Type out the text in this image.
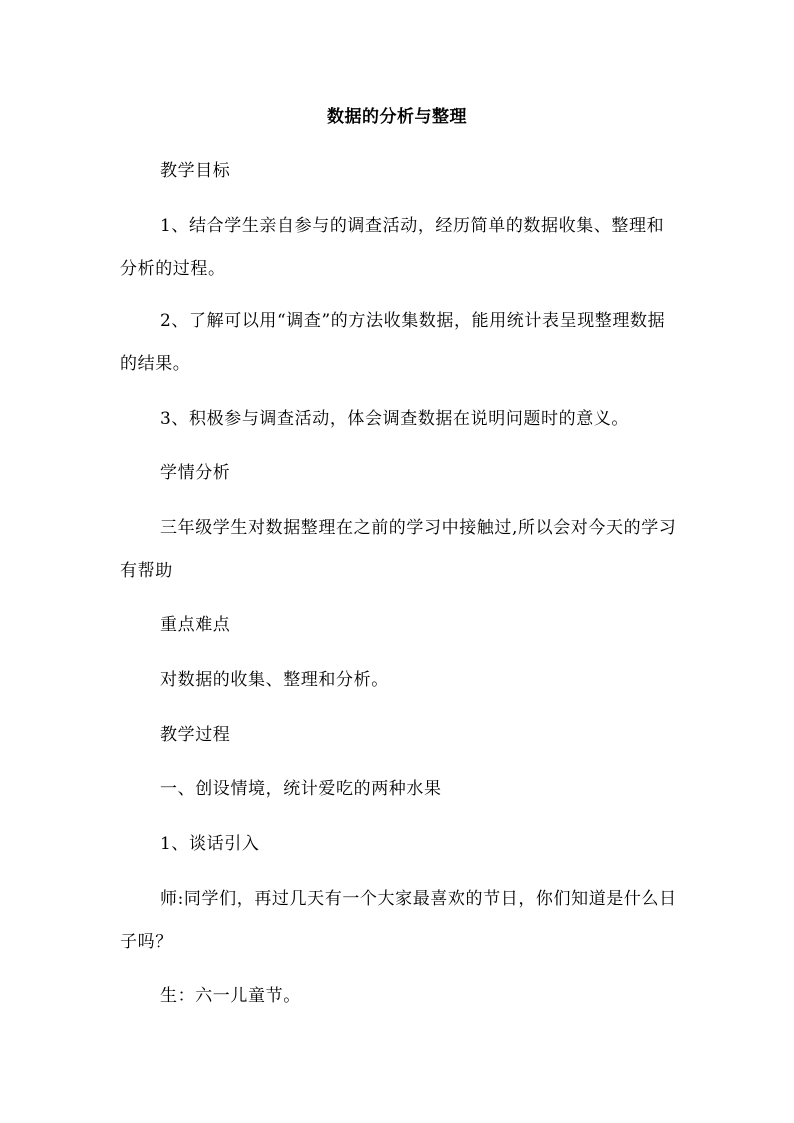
数据的分析与整理

教学目标

1、结合学生亲自参与的调查活动，经历简单的数据收集、整理和分析的过程。

2、了解可以用“调查”的方法收集数据，能用统计表呈现整理数据的结果。

3、积极参与调查活动，体会调查数据在说明问题时的意义。

学情分析

三年级学生对数据整理在之前的学习中接触过,所以会对今天的学习有帮助

重点难点

对数据的收集、整理和分析。

教学过程

一、创设情境，统计爱吃的两种水果

1、谈话引入

师:同学们，再过几天有一个大家最喜欢的节日，你们知道是什么日子吗？

生：六一儿童节。
